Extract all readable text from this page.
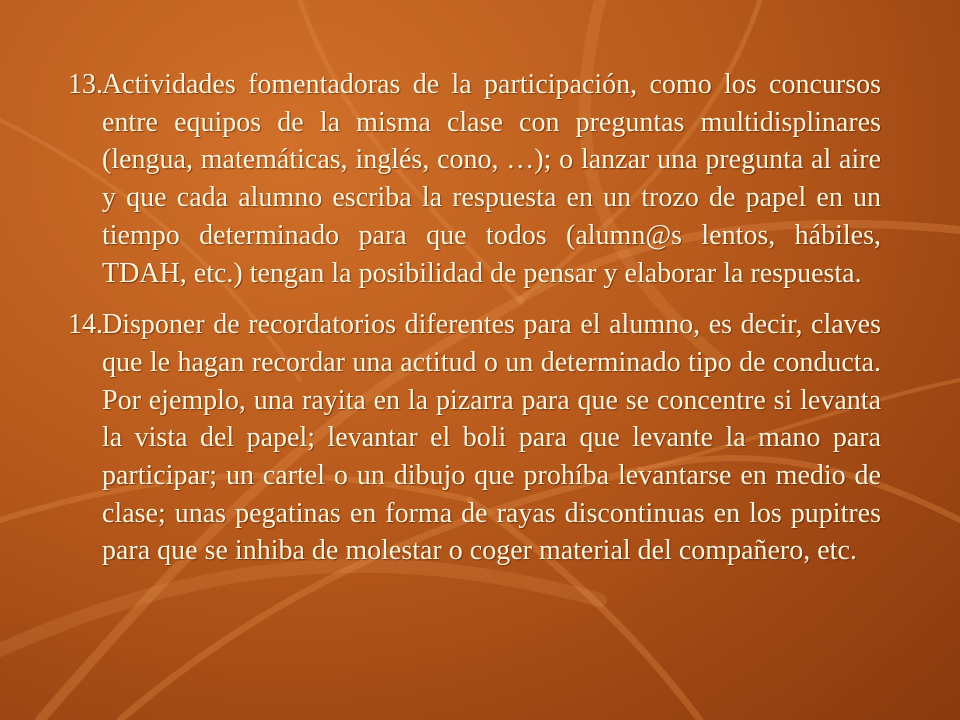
13. Actividades fomentadoras de la participación, como los concursos entre equipos de la misma clase con preguntas multidisplinares (lengua, matemáticas, inglés, cono, …); o lanzar una pregunta al aire y que cada alumno escriba la respuesta en un trozo de papel en un tiempo determinado para que todos (alumn@s lentos, hábiles, TDAH, etc.) tengan la posibilidad de pensar y elaborar la respuesta.
14. Disponer de recordatorios diferentes para el alumno, es decir, claves que le hagan recordar una actitud o un determinado tipo de conducta. Por ejemplo, una rayita en la pizarra para que se concentre si levanta la vista del papel; levantar el boli para que levante la mano para participar; un cartel o un dibujo que prohíba levantarse en medio de clase; unas pegatinas en forma de rayas discontinuas en los pupitres para que se inhiba de molestar o coger material del compañero, etc.
